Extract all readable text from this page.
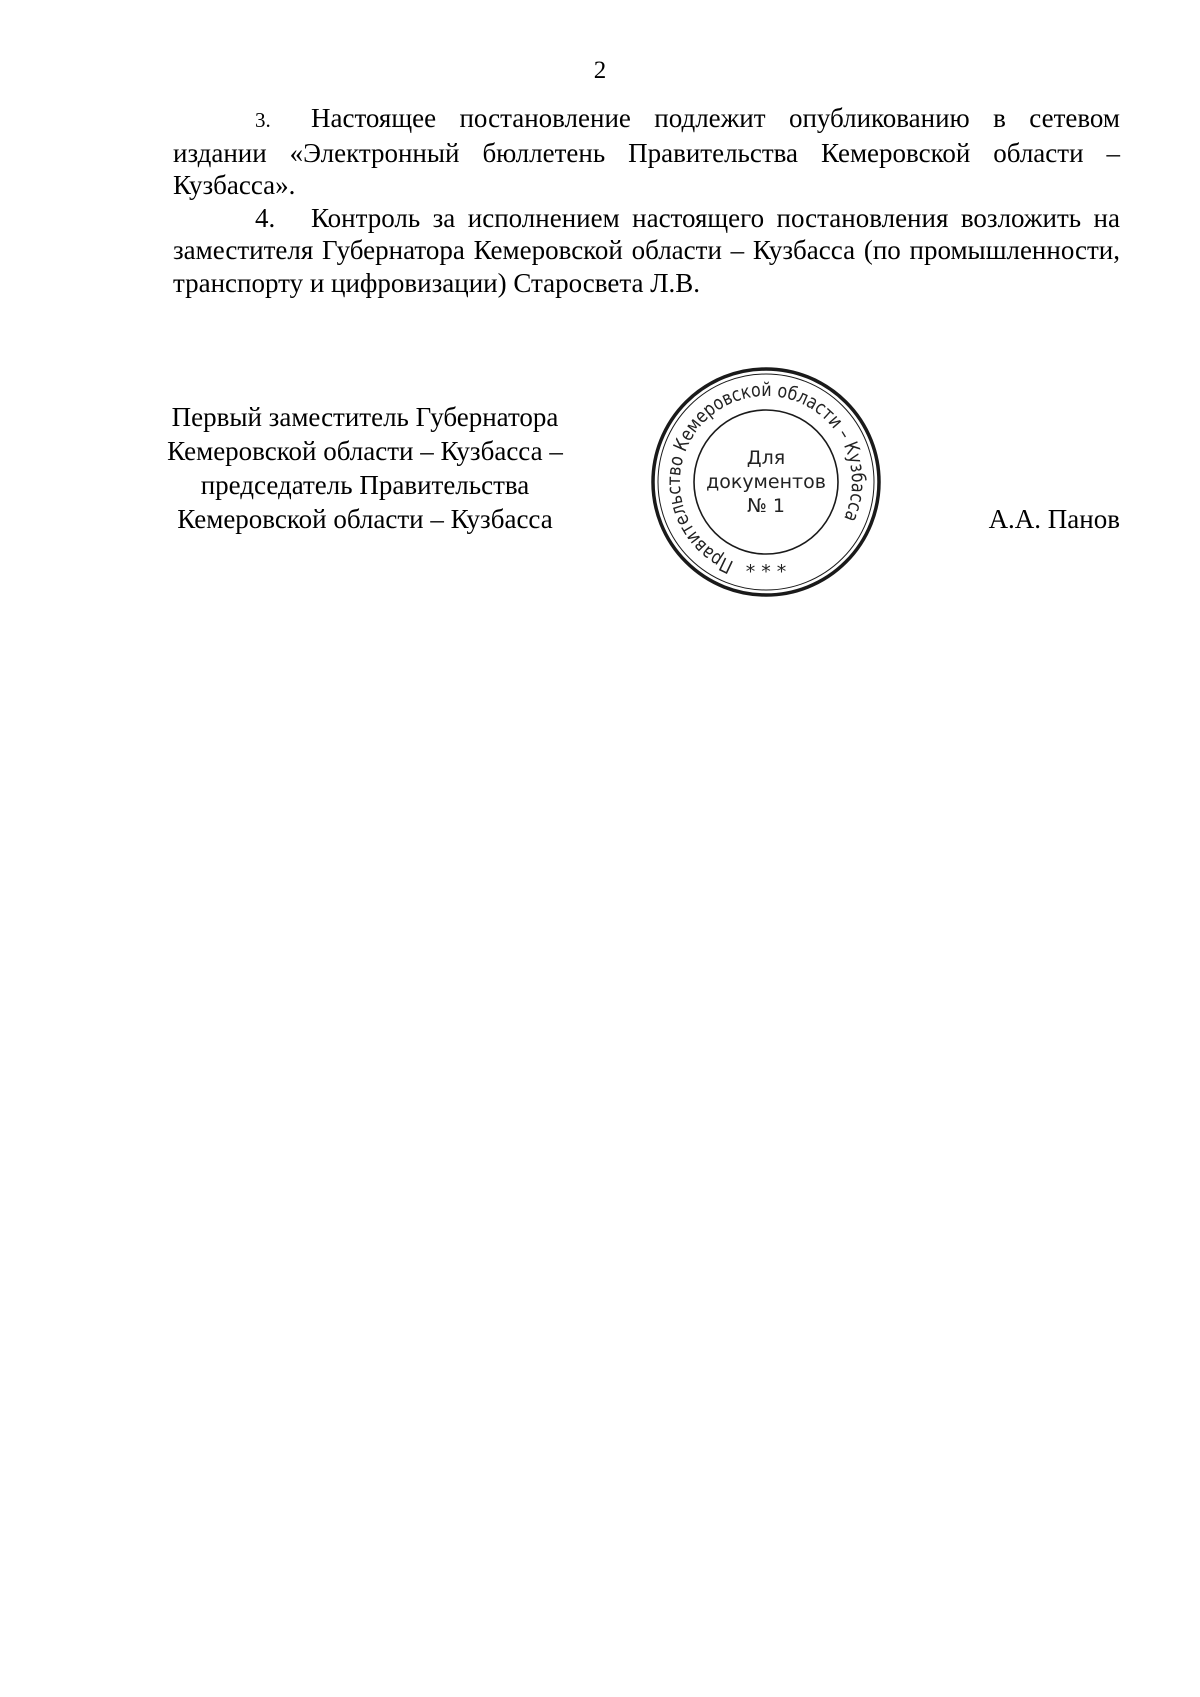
2

3. Настоящее постановление подлежит опубликованию в сетевом издании «Электронный бюллетень Правительства Кемеровской области – Кузбасса».

4. Контроль за исполнением настоящего постановления возложить на заместителя Губернатора Кемеровской области – Кузбасса (по промышленности, транспорту и цифровизации) Старосвета Л.В.

Первый заместитель Губернатора
Кемеровской области – Кузбасса –
председатель Правительства
Кемеровской области – Кузбасса
Правительство Кемеровской области – Кузбасса
* * *
Для
документов
№ 1	А.А. Панов
